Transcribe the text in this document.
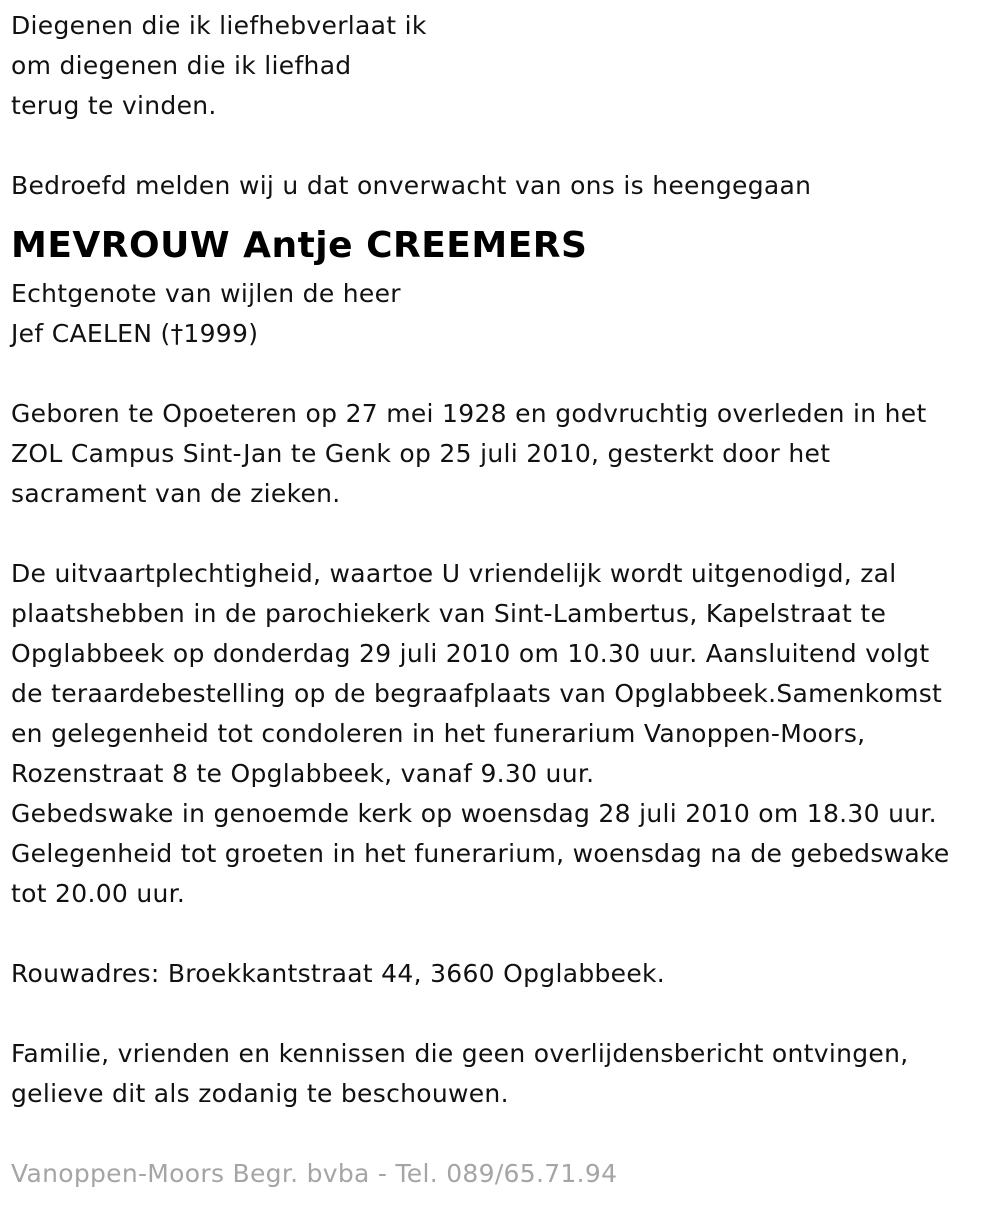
Diegenen die ik liefhebverlaat ik
om diegenen die ik liefhad
terug te vinden.
Bedroefd melden wij u dat onverwacht van ons is heengegaan
MEVROUW Antje CREEMERS
Echtgenote van wijlen de heer
Jef CAELEN (†1999)
Geboren te Opoeteren op 27 mei 1928 en godvruchtig overleden in het
ZOL Campus Sint-Jan te Genk op 25 juli 2010, gesterkt door het
sacrament van de zieken.
De uitvaartplechtigheid, waartoe U vriendelijk wordt uitgenodigd, zal
plaatshebben in de parochiekerk van Sint-Lambertus, Kapelstraat te
Opglabbeek op donderdag 29 juli 2010 om 10.30 uur. Aansluitend volgt
de teraardebestelling op de begraafplaats van Opglabbeek.Samenkomst
en gelegenheid tot condoleren in het funerarium Vanoppen-Moors,
Rozenstraat 8 te Opglabbeek, vanaf 9.30 uur.
Gebedswake in genoemde kerk op woensdag 28 juli 2010 om 18.30 uur.
Gelegenheid tot groeten in het funerarium, woensdag na de gebedswake
tot 20.00 uur.
Rouwadres: Broekkantstraat 44, 3660 Opglabbeek.
Familie, vrienden en kennissen die geen overlijdensbericht ontvingen,
gelieve dit als zodanig te beschouwen.
Vanoppen-Moors Begr. bvba - Tel. 089/65.71.94
